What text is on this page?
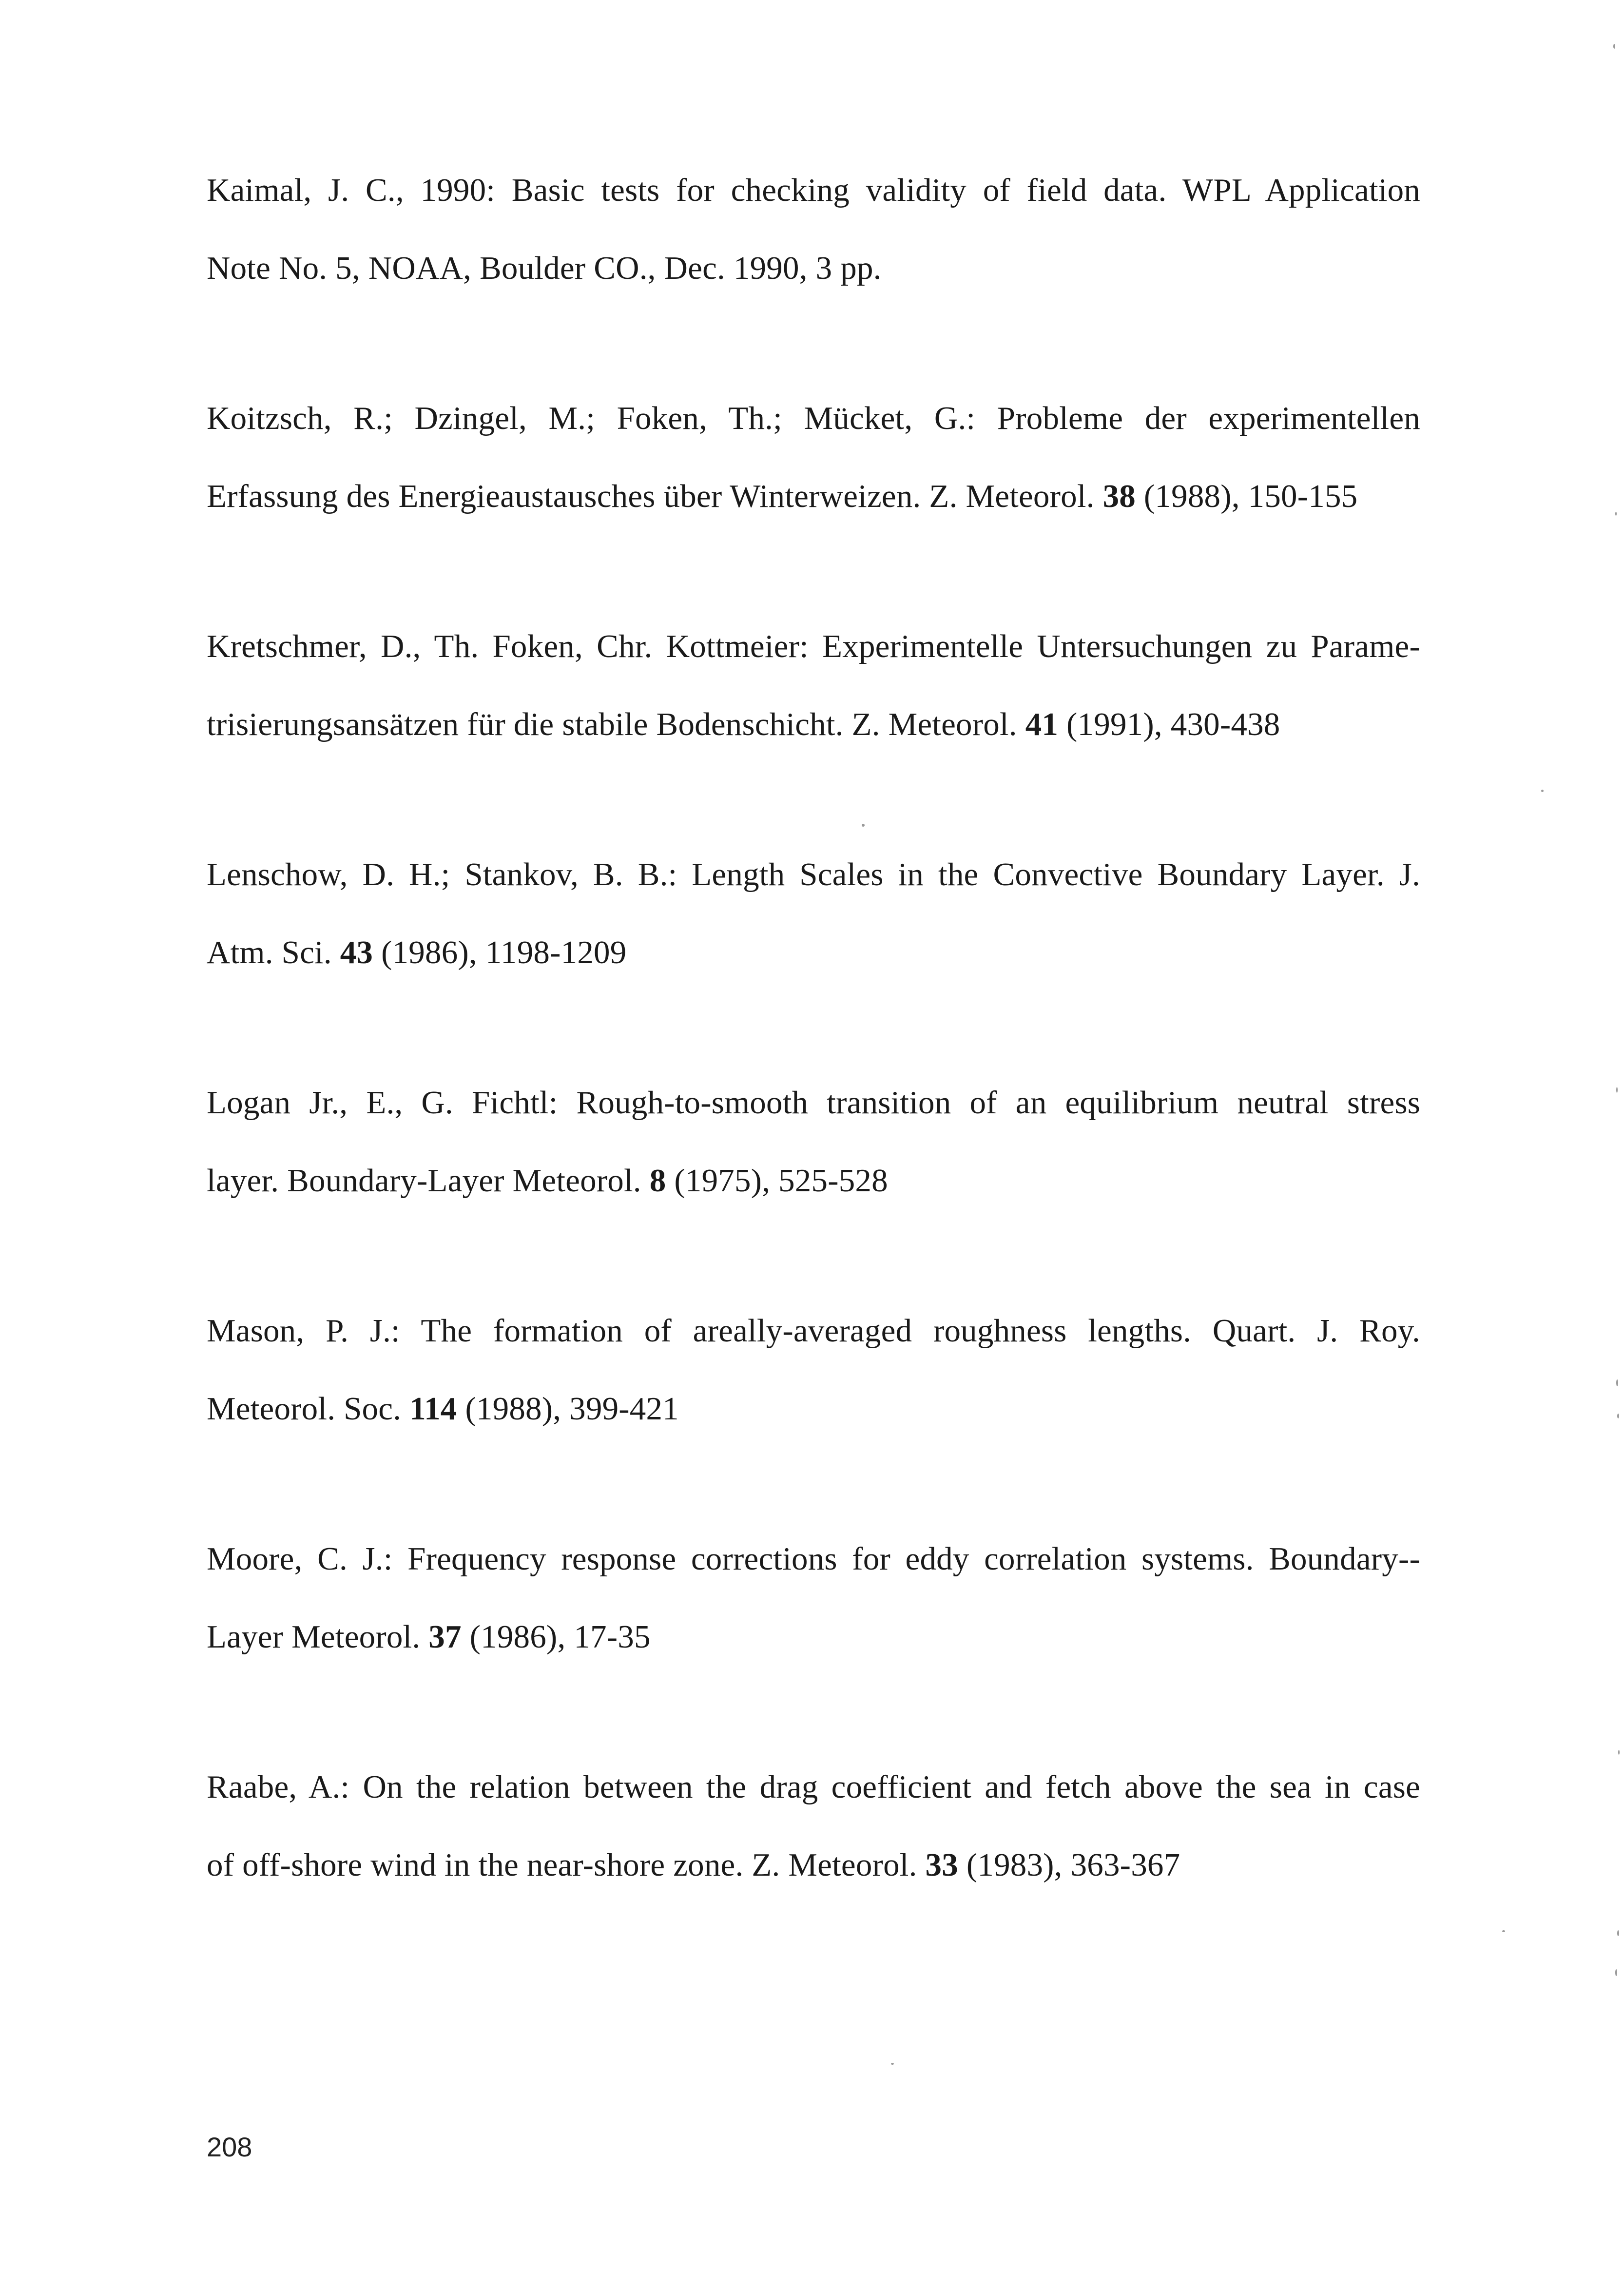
Kaimal, J. C., 1990: Basic tests for checking validity of field data. WPL Application
Note No. 5, NOAA, Boulder CO., Dec. 1990, 3 pp.
Koitzsch, R.; Dzingel, M.; Foken, Th.; Mücket, G.: Probleme der experimentellen
Erfassung des Energieaustausches über Winterweizen. Z. Meteorol. 38 (1988), 150-155
Kretschmer, D., Th. Foken, Chr. Kottmeier: Experimentelle Untersuchungen zu Parame-
trisierungsansätzen für die stabile Bodenschicht. Z. Meteorol. 41 (1991), 430-438
Lenschow, D. H.; Stankov, B. B.: Length Scales in the Convective Boundary Layer. J.
Atm. Sci. 43 (1986), 1198-1209
Logan Jr., E., G. Fichtl: Rough-to-smooth transition of an equilibrium neutral stress
layer. Boundary-Layer Meteorol. 8 (1975), 525-528
Mason, P. J.: The formation of areally-averaged roughness lengths. Quart. J. Roy.
Meteorol. Soc. 114 (1988), 399-421
Moore, C. J.: Frequency response corrections for eddy correlation systems. Boundary--
Layer Meteorol. 37 (1986), 17-35
Raabe, A.: On the relation between the drag coefficient and fetch above the sea in case
of off-shore wind in the near-shore zone. Z. Meteorol. 33 (1983), 363-367
208
